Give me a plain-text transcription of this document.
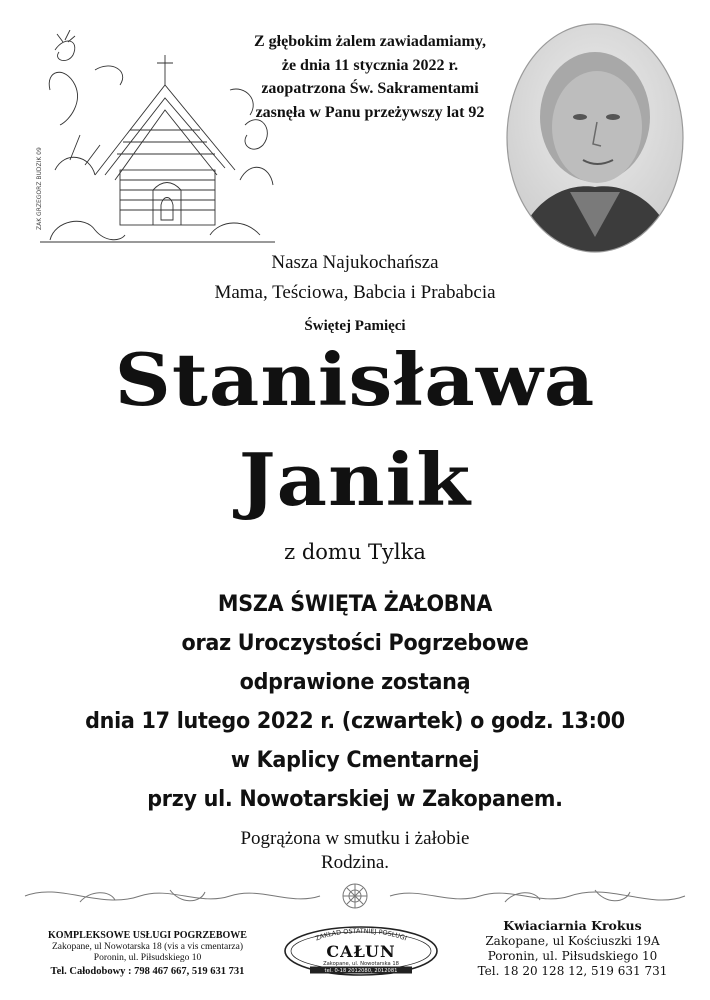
ZAK GRZEGORZ BUDZIK 09
Z głębokim żalem zawiadamiamy,
że dnia 11 stycznia 2022 r.
zaopatrzona Św. Sakramentami
zasnęła w Panu przeżywszy lat 92
Nasza Najukochańsza
Mama, Teściowa, Babcia i Prababcia
Świętej Pamięci
Stanisława
Janik
z domu Tylka
MSZA ŚWIĘTA ŻAŁOBNA
oraz Uroczystości Pogrzebowe
odprawione zostaną
dnia 17 lutego 2022 r. (czwartek) o godz. 13:00
w Kaplicy Cmentarnej
przy ul. Nowotarskiej w Zakopanem.
Pogrążona w smutku i żałobie
Rodzina.
KOMPLEKSOWE USŁUGI POGRZEBOWE
Zakopane, ul Nowotarska 18 (vis a vis cmentarza)
Poronin, ul. Piłsudskiego 10
Tel. Całodobowy : 798 467 667, 519 631 731
ZAKŁAD OSTATNIEJ POSŁUGI
CAŁUN
Zakopane, ul. Nowotarska 18
tel. 0-18 2012080, 2012081
Kwiaciarnia Krokus
Zakopane, ul Kościuszki 19A
Poronin, ul. Piłsudskiego 10
Tel. 18 20 128 12, 519 631 731
